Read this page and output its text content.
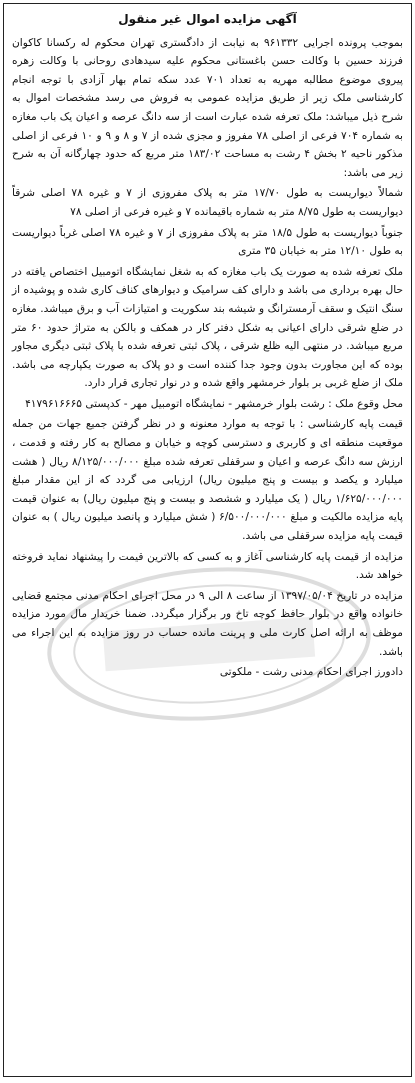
آگهی مزایده اموال غیر منقول

بموجب پرونده اجرایی ۹۶۱۳۳۲ به نیابت از دادگستری تهران محکوم له رکسانا کاکوان فرزند حسین با وکالت حسن باغستانی محکوم علیه سیدهادی روحانی با وکالت زهره پیروی موضوع مطالبه مهریه به تعداد ۷۰۱ عدد سکه تمام بهار آزادی با توجه انجام کارشناسی ملک زیر از طریق مزایده عمومی به فروش می رسد مشخصات اموال به شرح ذیل میباشد: ملک تعرفه شده عبارت است از سه دانگ عرصه و اعیان یک باب مغازه به شماره ۷۰۴ فرعی از اصلی ۷۸ مفروز و مجزی شده از ۷ و ۸ و ۹ و ۱۰ فرعی از اصلی مذکور ناحیه ۲ بخش ۴ رشت به مساحت ۱۸۳/۰۲ متر مربع که حدود چهارگانه آن به شرح زیر می باشد:

شمالاً دیواریست به طول ۱۷/۷۰ متر به پلاک مفروزی از ۷ و غیره ۷۸ اصلی شرقاً دیواریست به طول ۸/۷۵ متر به شماره باقیمانده ۷ و غیره فرعی از اصلی ۷۸

جنوباً دیواریست به طول ۱۸/۵ متر به پلاک مفروزی از ۷ و غیره ۷۸ اصلی غرباً دیواریست به طول ۱۲/۱۰ متر به خیابان ۳۵ متری

ملک تعرفه شده به صورت یک باب مغازه که به شغل نمایشگاه اتومبیل اختصاص یافته در حال بهره برداری می باشد و دارای کف سرامیک و دیوارهای کناف کاری شده و پوشیده از سنگ انتیک و سقف آرمسترانگ و شیشه بند سکوریت و امتیازات آب و برق میباشد. مغازه در ضلع شرقی دارای اعیانی به شکل دفتر کار در همکف و بالکن به متراژ حدود ۶۰ متر مربع میباشد. در منتهی الیه ظلع شرقی ، پلاک ثبتی تعرفه شده با پلاک ثبتی دیگری مجاور بوده که این مجاورت بدون وجود جدا کننده است و دو پلاک به صورت یکپارچه می باشد. ملک از ضلع غربی بر بلوار خرمشهر واقع شده و در نوار تجاری قرار دارد.

محل وقوع ملک : رشت بلوار خرمشهر - نمایشگاه اتومبیل مهر - کدپستی ۴۱۷۹۶۱۶۶۶۵

قیمت پایه کارشناسی : با توجه به موارد معنونه و در نظر گرفتن جمیع جهات من جمله موقعیت منطقه ای و کاربری و دسترسی کوچه و خیابان و مصالح به کار رفته و قدمت ، ارزش سه دانگ عرصه و اعیان و سرقفلی تعرفه شده مبلغ ۸/۱۲۵/۰۰۰/۰۰۰ ریال ( هشت میلیارد و یکصد و بیست و پنج میلیون ریال) ارزیابی می گردد که از این مقدار مبلغ ۱/۶۲۵/۰۰۰/۰۰۰ ریال ( یک میلیارد و ششصد و بیست و پنج میلیون ریال) به عنوان قیمت پایه مزایده مالکیت و مبلغ ۶/۵۰۰/۰۰۰/۰۰۰ ( شش میلیارد و پانصد میلیون ریال ) به عنوان قیمت پایه مزایده سرقفلی می باشد.

مزایده از قیمت پایه کارشناسی آغاز و به کسی که بالاترین قیمت را پیشنهاد نماید فروخته خواهد شد.

مزایده در تاریخ ۱۳۹۷/۰۵/۰۴ از ساعت ۸ الی ۹ در محل اجرای احکام مدنی مجتمع قضایی خانواده واقع در بلوار حافظ کوچه تاخ ور برگزار میگردد. ضمنا خریدار مال مورد مزایده موظف به ارائه اصل کارت ملی و پرینت مانده حساب در روز مزایده به این اجراء می باشد.

دادورز اجرای احکام مدنی رشت - ملکوتی
